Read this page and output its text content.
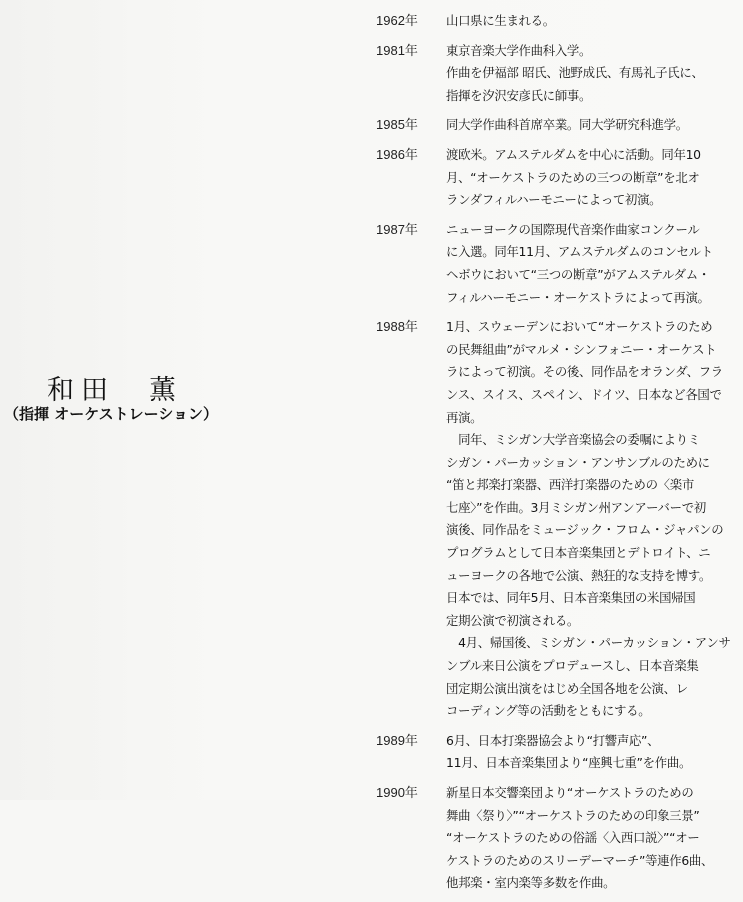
和田　薫
（指揮 オーケストレーション）
1962年	山口県に生まれる。
1981年	東京音楽大学作曲科入学。
作曲を伊福部 昭氏、池野成氏、有馬礼子氏に、
指揮を汐沢安彦氏に師事。
1985年	同大学作曲科首席卒業。同大学研究科進学。
1986年	渡欧米。アムステルダムを中心に活動。同年10
月、“オーケストラのための三つの断章”を北オ
ランダフィルハーモニーによって初演。
1987年	ニューヨークの国際現代音楽作曲家コンクール
に入選。同年11月、アムステルダムのコンセルト
ヘボウにおいて“三つの断章”がアムステルダム・
フィルハーモニー・オーケストラによって再演。
1988年	1月、スウェーデンにおいて“オーケストラのため
の民舞組曲”がマルメ・シンフォニー・オーケスト
ラによって初演。その後、同作品をオランダ、フラ
ンス、スイス、スペイン、ドイツ、日本など各国で
再演。
　同年、ミシガン大学音楽協会の委嘱によりミ
シガン・パーカッション・アンサンブルのために
“笛と邦楽打楽器、西洋打楽器のための〈楽市
七座〉”を作曲。3月ミシガン州アンアーバーで初
演後、同作品をミュージック・フロム・ジャパンの
プログラムとして日本音楽集団とデトロイト、ニ
ューヨークの各地で公演、熱狂的な支持を博す。
日本では、同年5月、日本音楽集団の米国帰国
定期公演で初演される。
　4月、帰国後、ミシガン・パーカッション・アンサ
ンブル来日公演をプロデュースし、日本音楽集
団定期公演出演をはじめ全国各地を公演、レ
コーディング等の活動をともにする。
1989年	6月、日本打楽器協会より“打響声応”、
11月、日本音楽集団より“座興七重”を作曲。
1990年	新星日本交響楽団より“オーケストラのための
舞曲〈祭り〉”“オーケストラのための印象三景”
“オーケストラのための俗謡〈入西口説〉”“オー
ケストラのためのスリーデーマーチ”等連作6曲、
他邦楽・室内楽等多数を作曲。
